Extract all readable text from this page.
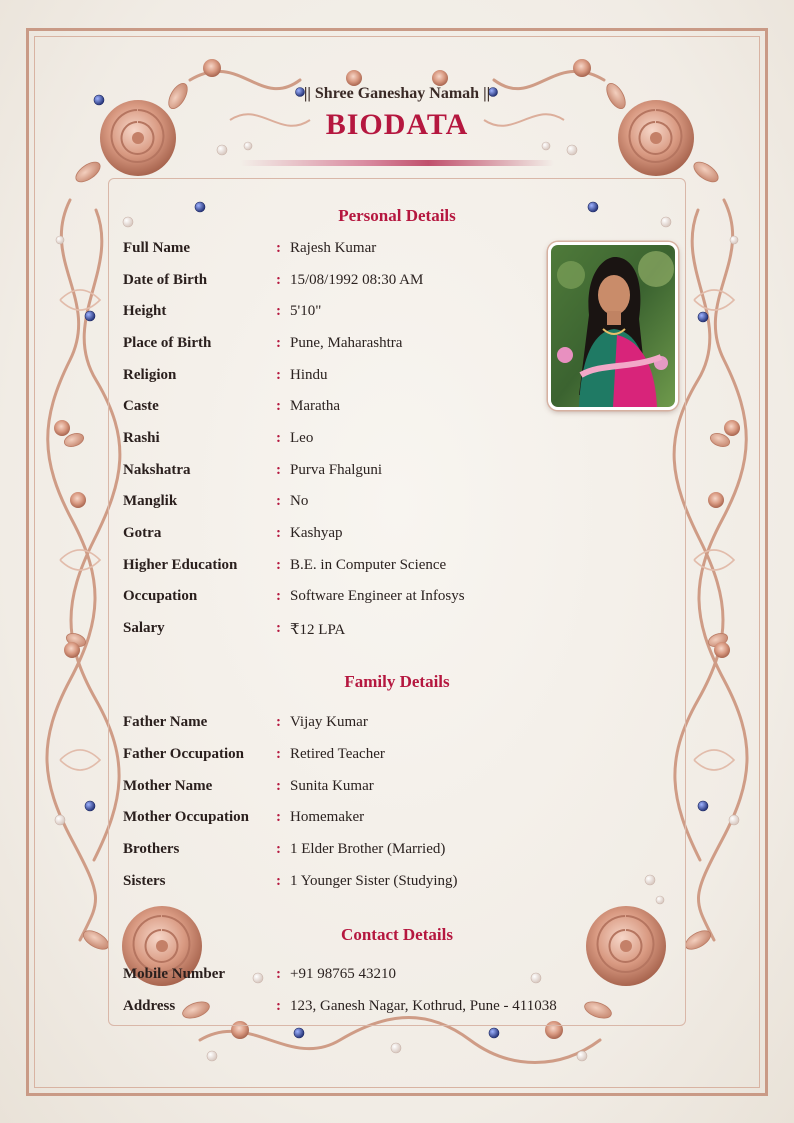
|| Shree Ganeshay Namah ||
BIODATA
Personal Details
Full Name	: Rajesh Kumar
Date of Birth	: 15/08/1992 08:30 AM
Height	: 5'10"
Place of Birth	: Pune, Maharashtra
Religion	: Hindu
Caste	: Maratha
Rashi	: Leo
Nakshatra	: Purva Fhalguni
Manglik	: No
Gotra	: Kashyap
Higher Education	: B.E. in Computer Science
Occupation	: Software Engineer at Infosys
Salary	: ₹12 LPA
Family Details
Father Name	: Vijay Kumar
Father Occupation : Retired Teacher
Mother Name	: Sunita Kumar
Mother Occupation : Homemaker
Brothers	: 1 Elder Brother (Married)
Sisters	: 1 Younger Sister (Studying)
Contact Details
Mobile Number	: +91 98765 43210
Address	: 123, Ganesh Nagar, Kothrud, Pune - 411038
